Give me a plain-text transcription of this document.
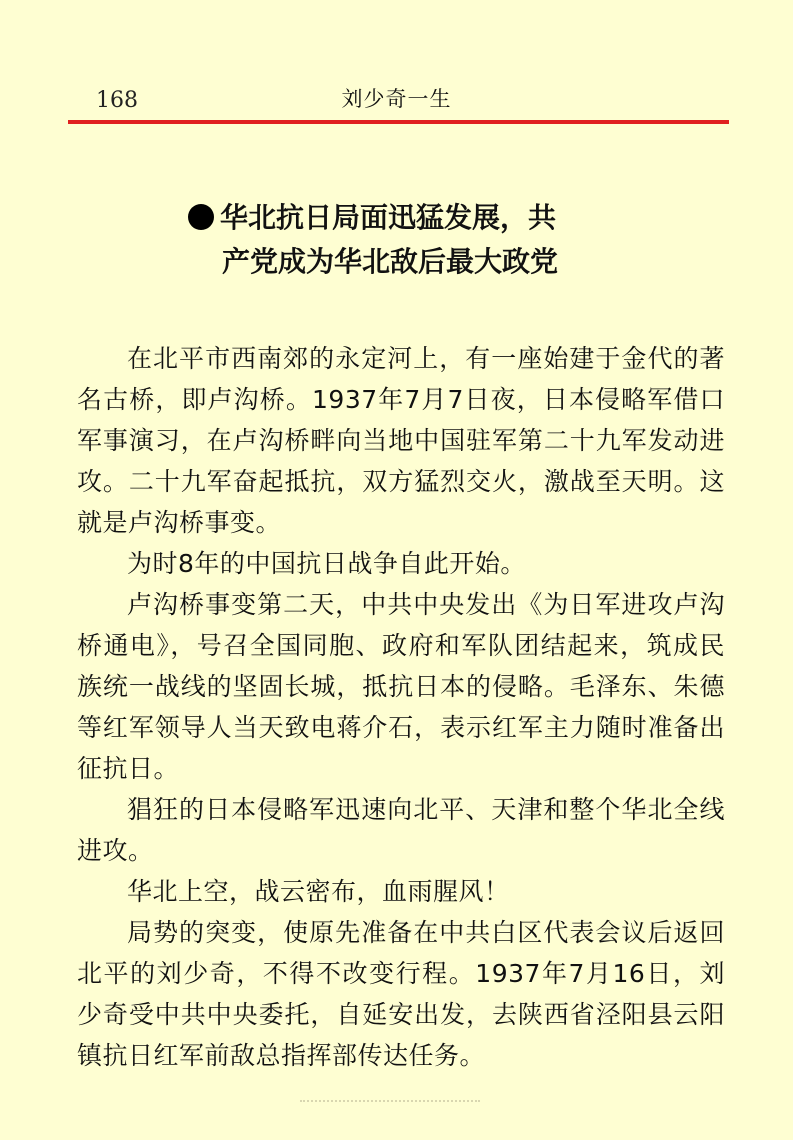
168	刘少奇一生
华北抗日局面迅猛发展，共
产党成为华北敌后最大政党

在北平市西南郊的永定河上，有一座始建于金代的著名古桥，即卢沟桥。1937年7月7日夜，日本侵略军借口军事演习，在卢沟桥畔向当地中国驻军第二十九军发动进攻。二十九军奋起抵抗，双方猛烈交火，激战至天明。这就是卢沟桥事变。

为时8年的中国抗日战争自此开始。

卢沟桥事变第二天，中共中央发出《为日军进攻卢沟桥通电》，号召全国同胞、政府和军队团结起来，筑成民族统一战线的坚固长城，抵抗日本的侵略。毛泽东、朱德等红军领导人当天致电蒋介石，表示红军主力随时准备出征抗日。

猖狂的日本侵略军迅速向北平、天津和整个华北全线进攻。

华北上空，战云密布，血雨腥风！

局势的突变，使原先准备在中共白区代表会议后返回北平的刘少奇，不得不改变行程。1937年7月16日，刘少奇受中共中央委托，自延安出发，去陕西省泾阳县云阳镇抗日红军前敌总指挥部传达任务。
